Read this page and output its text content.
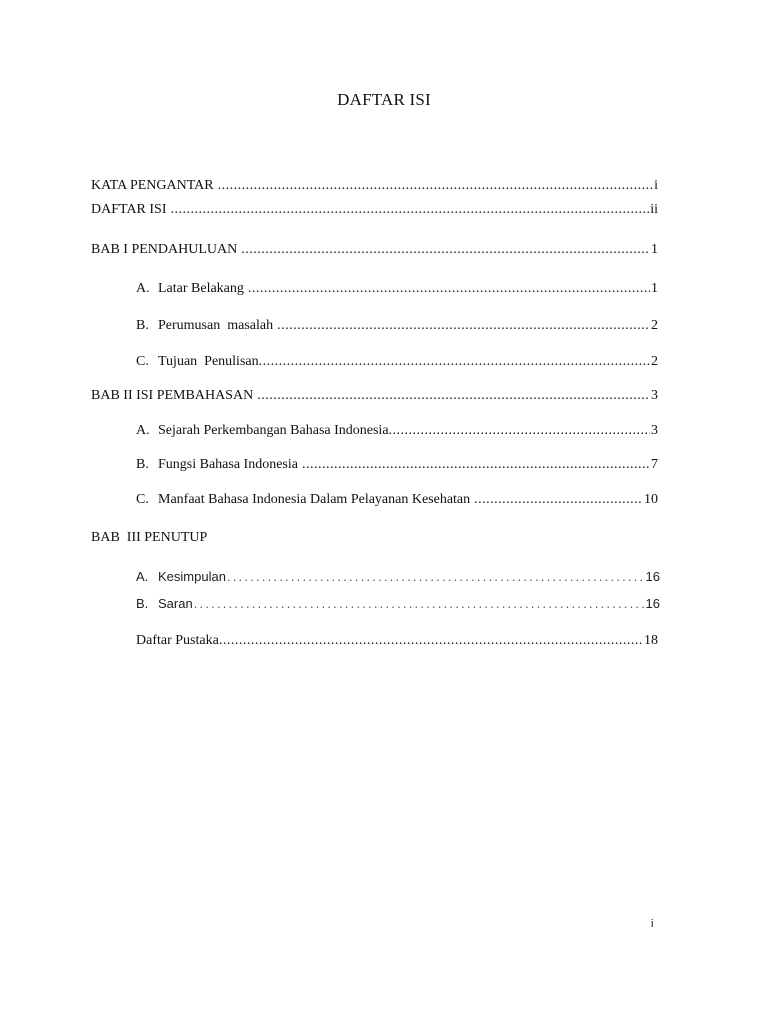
DAFTAR ISI
KATA PENGANTAR .....	i
DAFTAR ISI .....	ii
BAB I PENDAHULUAN .....	1
A. Latar Belakang .....	1
B. Perumusan  masalah .....	2
C. Tujuan  Penulisan .....	2
BAB II ISI PEMBAHASAN .....	3
A. Sejarah Perkembangan Bahasa Indonesia .....	3
B. Fungsi Bahasa Indonesia .....	7
C. Manfaat Bahasa Indonesia Dalam Pelayanan Kesehatan .....	10
BAB  III PENUTUP
A. Kesimpulan .....	16
B. Saran .....	16
Daftar Pustaka .....	18
i
